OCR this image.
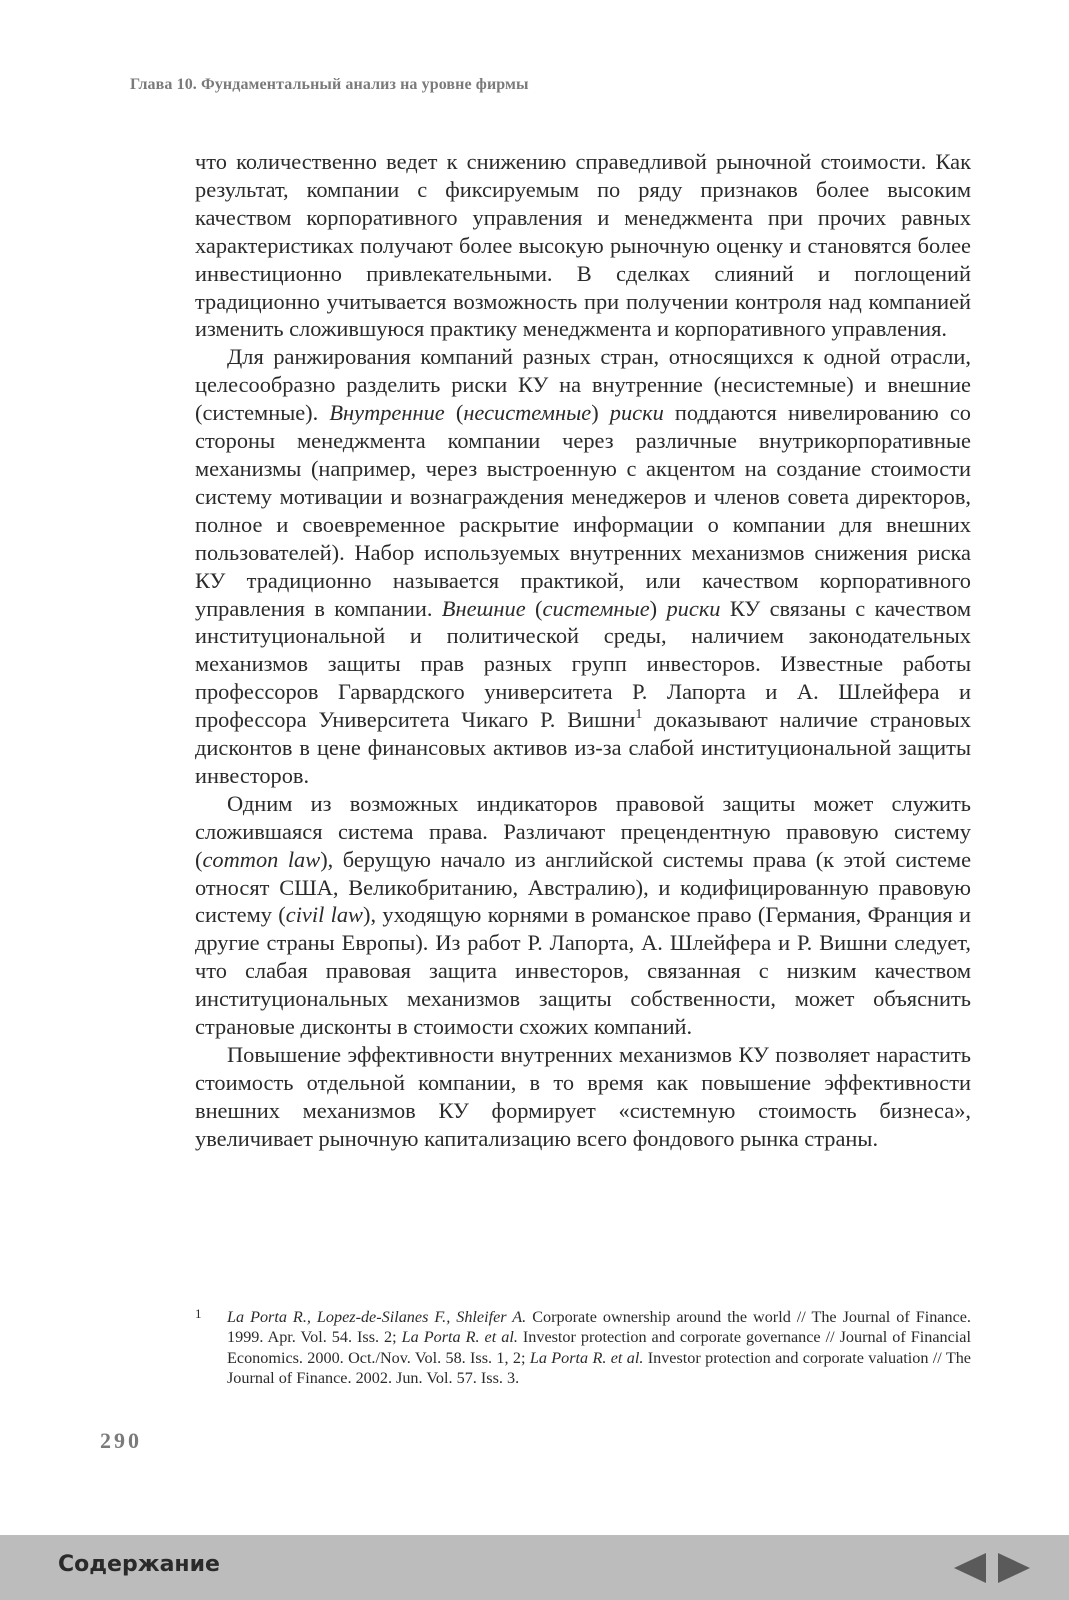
Глава 10. Фундаментальный анализ на уровне фирмы

что количественно ведет к снижению справедливой рыночной стоимости. Как результат, компании с фиксируемым по ряду признаков более высоким качеством корпоративного управления и менеджмента при прочих равных характеристиках получают более высокую рыночную оценку и становятся более инвестиционно привлекательными. В сделках слияний и поглощений традиционно учитывается возможность при получении контроля над компанией изменить сложившуюся практику менеджмента и корпоративного управления.

Для ранжирования компаний разных стран, относящихся к одной отрасли, целесообразно разделить риски КУ на внутренние (несистемные) и внешние (системные). Внутренние (несистемные) риски поддаются нивелированию со стороны менеджмента компании через различные внутрикорпоративные механизмы (например, через выстроенную с акцентом на создание стоимости систему мотивации и вознаграждения менеджеров и членов совета директоров, полное и своевременное раскрытие информации о компании для внешних пользователей). Набор используемых внутренних механизмов снижения риска КУ традиционно называется практикой, или качеством корпоративного управления в компании. Внешние (системные) риски КУ связаны с качеством институциональной и политической среды, наличием законодательных механизмов защиты прав разных групп инвесторов. Известные работы профессоров Гарвардского университета Р. Лапорта и А. Шлейфера и профессора Университета Чикаго Р. Вишни$^1$ доказывают наличие страновых дисконтов в цене финансовых активов из-за слабой институциональной защиты инвесторов.

Одним из возможных индикаторов правовой защиты может служить сложившаяся система права. Различают прецендентную правовую систему (common law), берущую начало из английской системы права (к этой системе относят США, Великобританию, Австралию), и кодифицированную правовую систему (civil law), уходящую корнями в романское право (Германия, Франция и другие страны Европы). Из работ Р. Лапорта, А. Шлейфера и Р. Вишни следует, что слабая правовая защита инвесторов, связанная с низким качеством институциональных механизмов защиты собственности, может объяснить страновые дисконты в стоимости схожих компаний.

Повышение эффективности внутренних механизмов КУ позволяет нарастить стоимость отдельной компании, в то время как повышение эффективности внешних механизмов КУ формирует «системную стоимость бизнеса», увеличивает рыночную капитализацию всего фондового рынка страны.

1 La Porta R., Lopez-de-Silanes F., Shleifer A. Corporate ownership around the world // The Journal of Finance. 1999. Apr. Vol. 54. Iss. 2; La Porta R. et al. Investor protection and corporate governance // Journal of Financial Economics. 2000. Oct./Nov. Vol. 58. Iss. 1, 2; La Porta R. et al. Investor protection and corporate valuation // The Journal of Finance. 2002. Jun. Vol. 57. Iss. 3.
290
Содержание
